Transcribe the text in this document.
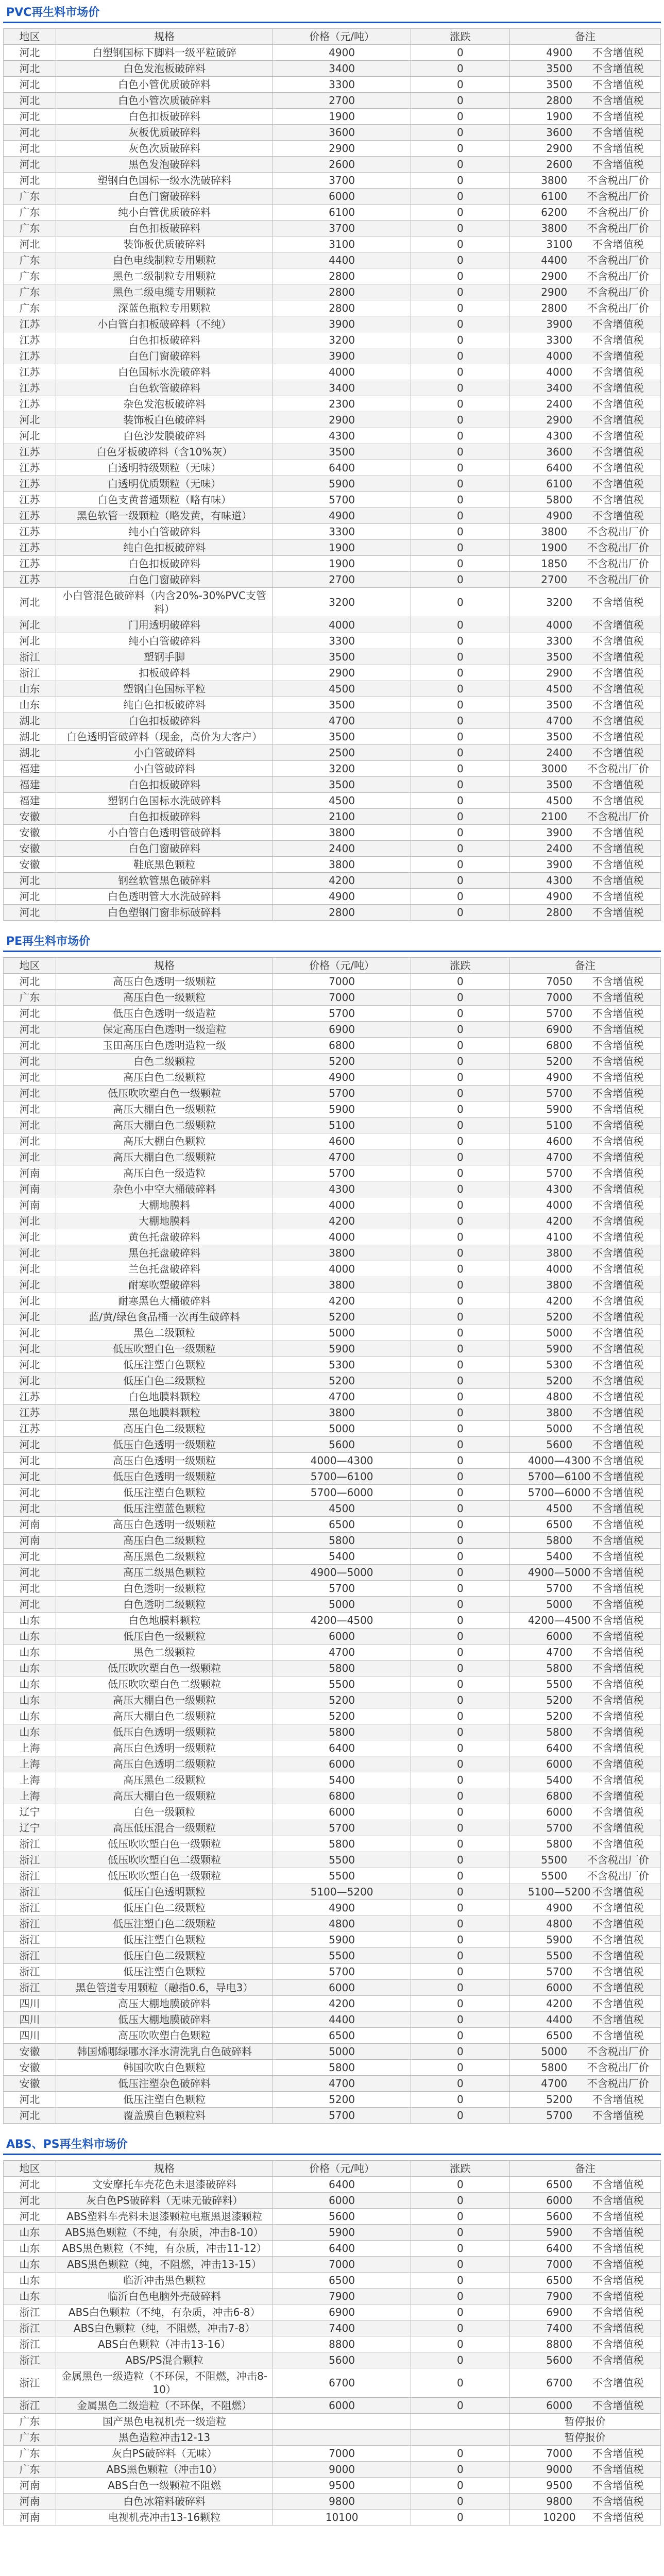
PVC再生料市场价
地区	规格	价格（元/吨）	涨跌	备注
河北	白塑钢国标下脚料一级平粒破碎	4900	0	4900 不含增值税
河北	白色发泡板破碎料	3400	0	3500 不含增值税
河北	白色小管优质破碎料	3300	0	3500 不含增值税
河北	白色小管次质破碎料	2700	0	2800 不含增值税
河北	白色扣板破碎料	1900	0	1900 不含增值税
河北	灰板优质破碎料	3600	0	3600 不含增值税
河北	灰色次质破碎料	2900	0	2900 不含增值税
河北	黑色发泡破碎料	2600	0	2600 不含增值税
河北	塑钢白色国标一级水洗破碎料	3700	0	3800 不含税出厂价
广东	白色门窗破碎料	6000	0	6100 不含税出厂价
广东	纯小白管优质破碎料	6100	0	6200 不含税出厂价
广东	白色扣板破碎料	3700	0	3800 不含税出厂价
河北	装饰板优质破碎料	3100	0	3100 不含增值税
广东	白色电线制粒专用颗粒	4400	0	4400 不含税出厂价
广东	黑色二级制粒专用颗粒	2800	0	2900 不含税出厂价
广东	黑色二级电缆专用颗粒	2800	0	2900 不含税出厂价
广东	深蓝色瓶粒专用颗粒	2800	0	2800 不含税出厂价
江苏	小白管白扣板破碎料（不纯）	3900	0	3900 不含增值税
江苏	白色扣板破碎料	3200	0	3300 不含增值税
江苏	白色门窗破碎料	3900	0	4000 不含增值税
江苏	白色国标水洗破碎料	4000	0	4000 不含增值税
江苏	白色软管破碎料	3400	0	3400 不含增值税
江苏	杂色发泡板破碎料	2300	0	2400 不含增值税
河北	装饰板白色破碎料	2900	0	2900 不含增值税
河北	白色沙发膜破碎料	4300	0	4300 不含增值税
江苏	白色牙板破碎料（含10%灰）	3500	0	3600 不含增值税
江苏	白透明特级颗粒（无味）	6400	0	6400 不含增值税
江苏	白透明优质颗粒（无味）	5900	0	6100 不含增值税
江苏	白色支黄普通颗粒（略有味）	5700	0	5800 不含增值税
江苏	黑色软管一级颗粒（略发黄，有味道）	4900	0	4900 不含增值税
江苏	纯小白管破碎料	3300	0	3800 不含税出厂价
江苏	纯白色扣板破碎料	1900	0	1900 不含税出厂价
江苏	白色扣板破碎料	1900	0	1850 不含税出厂价
江苏	白色门窗破碎料	2700	0	2700 不含税出厂价
河北	小白管混色破碎料（内含20%-30%PVC支管料）	3200	0	3200 不含增值税
河北	门用透明破碎料	4000	0	4000 不含增值税
河北	纯小白管破碎料	3300	0	3300 不含增值税
浙江	塑钢手脚	3500	0	3500 不含增值税
浙江	扣板破碎料	2900	0	2900 不含增值税
山东	塑钢白色国标平粒	4500	0	4500 不含增值税
山东	纯白色扣板破碎料	3500	0	3500 不含增值税
湖北	白色扣板破碎料	4700	0	4700 不含增值税
湖北	白色透明管破碎料（现金，高价为大客户）	3500	0	3500 不含增值税
湖北	小白管破碎料	2500	0	2400 不含增值税
福建	小白管破碎料	3200	0	3000 不含税出厂价
福建	白色扣板破碎料	3500	0	3500 不含增值税
福建	塑钢白色国标水洗破碎料	4500	0	4500 不含增值税
安徽	白色扣板破碎料	2100	0	2100 不含税出厂价
安徽	小白管白色透明管破碎料	3800	0	3900 不含增值税
安徽	白色门窗破碎料	2400	0	2400 不含增值税
安徽	鞋底黑色颗粒	3800	0	3900 不含增值税
河北	钢丝软管黑色破碎料	4200	0	4300 不含增值税
河北	白色透明管大水洗破碎料	4900	0	4900 不含增值税
河北	白色塑钢门窗非标破碎料	2800	0	2800 不含增值税
PE再生料市场价
地区	规格	价格（元/吨）	涨跌	备注
河北	高压白色透明一级颗粒	7000	0	7050 不含增值税
广东	高压白色一级颗粒	7000	0	7000 不含增值税
河北	低压白色透明一级造粒	5700	0	5700 不含增值税
河北	保定高压白色透明一级造粒	6900	0	6900 不含增值税
河北	玉田高压白色透明造粒一级	6800	0	6800 不含增值税
河北	白色二级颗粒	5200	0	5200 不含增值税
河北	高压白色二级颗粒	4900	0	4900 不含增值税
河北	低压吹吹塑白色一级颗粒	5700	0	5700 不含增值税
河北	高压大棚白色一级颗粒	5900	0	5900 不含增值税
河北	高压大棚白色二级颗粒	5100	0	5100 不含增值税
河北	高压大棚白色颗粒	4600	0	4600 不含增值税
河北	高压大棚白色二级颗粒	4700	0	4700 不含增值税
河南	高压白色一级造粒	5700	0	5700 不含增值税
河南	杂色小中空大桶破碎料	4300	0	4300 不含增值税
河南	大棚地膜料	4000	0	4000 不含增值税
河北	大棚地膜料	4200	0	4200 不含增值税
河北	黄色托盘破碎料	4000	0	4100 不含增值税
河北	黑色托盘破碎料	3800	0	3800 不含增值税
河北	兰色托盘破碎料	4000	0	4000 不含增值税
河北	耐寒吹塑破碎料	3800	0	3800 不含增值税
河北	耐寒黑色大桶破碎料	4200	0	4200 不含增值税
河北	蓝/黄/绿色食品桶一次再生破碎料	5200	0	5200 不含增值税
河北	黑色二级颗粒	5000	0	5000 不含增值税
河北	低压吹塑白色一级颗粒	5900	0	5900 不含增值税
河北	低压注塑白色颗粒	5300	0	5300 不含增值税
河北	低压白色二级颗粒	5200	0	5200 不含增值税
江苏	白色地膜料颗粒	4700	0	4800 不含增值税
江苏	黑色地膜料颗粒	3800	0	3800 不含增值税
江苏	高压白色二级颗粒	5000	0	5000 不含增值税
河北	低压白色透明一级颗粒	5600	0	5600 不含增值税
河北	高压白色透明一级颗粒	4000—4300	0	4000—4300 不含增值税
河北	低压白色透明一级颗粒	5700—6100	0	5700—6100 不含增值税
河北	低压注塑白色颗粒	5700—6000	0	5700—6000 不含增值税
河北	低压注塑蓝色颗粒	4500	0	4500 不含增值税
河南	高压白色透明一级颗粒	6500	0	6500 不含增值税
河南	高压白色二级颗粒	5800	0	5800 不含增值税
河北	高压黑色二级颗粒	5400	0	5400 不含增值税
河北	高压二级黑色颗粒	4900—5000	0	4900—5000 不含增值税
河北	白色透明一级颗粒	5700	0	5700 不含增值税
河北	白色透明二级颗粒	5000	0	5000 不含增值税
山东	白色地膜料颗粒	4200—4500	0	4200—4500 不含增值税
山东	低压白色一级颗粒	6000	0	6000 不含增值税
山东	黑色二级颗粒	4700	0	4700 不含增值税
山东	低压吹吹塑白色一级颗粒	5800	0	5800 不含增值税
山东	低压吹吹塑白色二级颗粒	5500	0	5500 不含增值税
山东	高压大棚白色一级颗粒	5200	0	5200 不含增值税
山东	高压大棚白色二级颗粒	5200	0	5200 不含增值税
山东	低压白色透明一级颗粒	5800	0	5800 不含增值税
上海	高压白色透明一级颗粒	6400	0	6400 不含增值税
上海	高压白色透明二级颗粒	6000	0	6000 不含增值税
上海	高压黑色二级颗粒	5400	0	5400 不含增值税
上海	高压大棚白色一级颗粒	6800	0	6800 不含增值税
辽宁	白色一级颗粒	6000	0	6000 不含增值税
辽宁	高压低压混合一级颗粒	5700	0	5700 不含增值税
浙江	低压吹吹塑白色一级颗粒	5800	0	5800 不含增值税
浙江	低压吹吹塑白色二级颗粒	5500	0	5500 不含税出厂价
浙江	低压吹吹塑白色一级颗粒	5500	0	5500 不含税出厂价
浙江	低压白色透明颗粒	5100—5200	0	5100—5200 不含增值税
浙江	低压白色二级颗粒	4900	0	4900 不含增值税
浙江	低压注塑白色二级颗粒	4800	0	4800 不含增值税
浙江	低压注塑白色颗粒	5900	0	5900 不含增值税
浙江	低压白色二级颗粒	5500	0	5500 不含增值税
浙江	低压注塑白色颗粒	5700	0	5700 不含增值税
浙江	黑色管道专用颗粒（融指0.6，导电3）	6000	0	6000 不含增值税
四川	高压大棚地膜破碎料	4200	0	4200 不含增值税
四川	低压大棚地膜破碎料	4400	0	4400 不含增值税
四川	高压吹吹塑白色颗粒	6500	0	6500 不含增值税
安徽	韩国烯哪绿哪水泽水清洗乳白色破碎料	5000	0	5000 不含税出厂价
安徽	韩国吹吹白色颗粒	5800	0	5800 不含税出厂价
安徽	低压注塑杂色破碎料	4700	0	4700 不含税出厂价
河北	低压注塑白色颗粒	5200	0	5200 不含增值税
河北	覆盖膜自色颗粒料	5700	0	5700 不含增值税
ABS、PS再生料市场价
地区	规格	价格（元/吨）	涨跌	备注
河北	文安摩托车壳花色未退漆破碎料	6400	0	6500 不含增值税
河北	灰白色PS破碎料（无味无破碎料）	6000	0	6000 不含增值税
河北	ABS塑料车壳料未退漆颗粒电瓶黑退漆颗粒	5600	0	5600 不含增值税
山东	ABS黑色颗粒（不纯，有杂质，冲击8-10）	5900	0	5900 不含增值税
山东	ABS黑色颗粒（不纯，有杂质，冲击11-12）	6400	0	6400 不含增值税
山东	ABS黑色颗粒（纯，不阻燃，冲击13-15）	7000	0	7000 不含增值税
山东	临沂冲击黑色颗粒	6500	0	6500 不含增值税
山东	临沂白色电脑外壳破碎料	7900	0	7900 不含增值税
浙江	ABS白色颗粒（不纯，有杂质，冲击6-8）	6900	0	6900 不含增值税
浙江	ABS白色颗粒（纯，不阻燃，冲击7-8）	7400	0	7400 不含增值税
浙江	ABS白色颗粒（冲击13-16）	8800	0	8800 不含增值税
浙江	ABS/PS混合颗粒	5600	0	5600 不含增值税
浙江	金属黑色一级造粒（不环保，不阻燃，冲击8-10）	6700	0	6700 不含增值税
浙江	金属黑色二级造粒（不环保，不阻燃）	6000	0	6000 不含增值税
广东	国产黑色电视机壳一级造粒			暂停报价
广东	黑色造粒冲击12-13			暂停报价
广东	灰白PS破碎料（无味）	7000	0	7000 不含增值税
广东	ABS黑色颗粒（冲击10）	9000	0	9000 不含增值税
河南	ABS白色一级颗粒不阻燃	9500	0	9500 不含增值税
河南	白色冰箱料破碎料	9800	0	9800 不含增值税
河南	电视机壳冲击13-16颗粒	10100	0	10200 不含增值税
